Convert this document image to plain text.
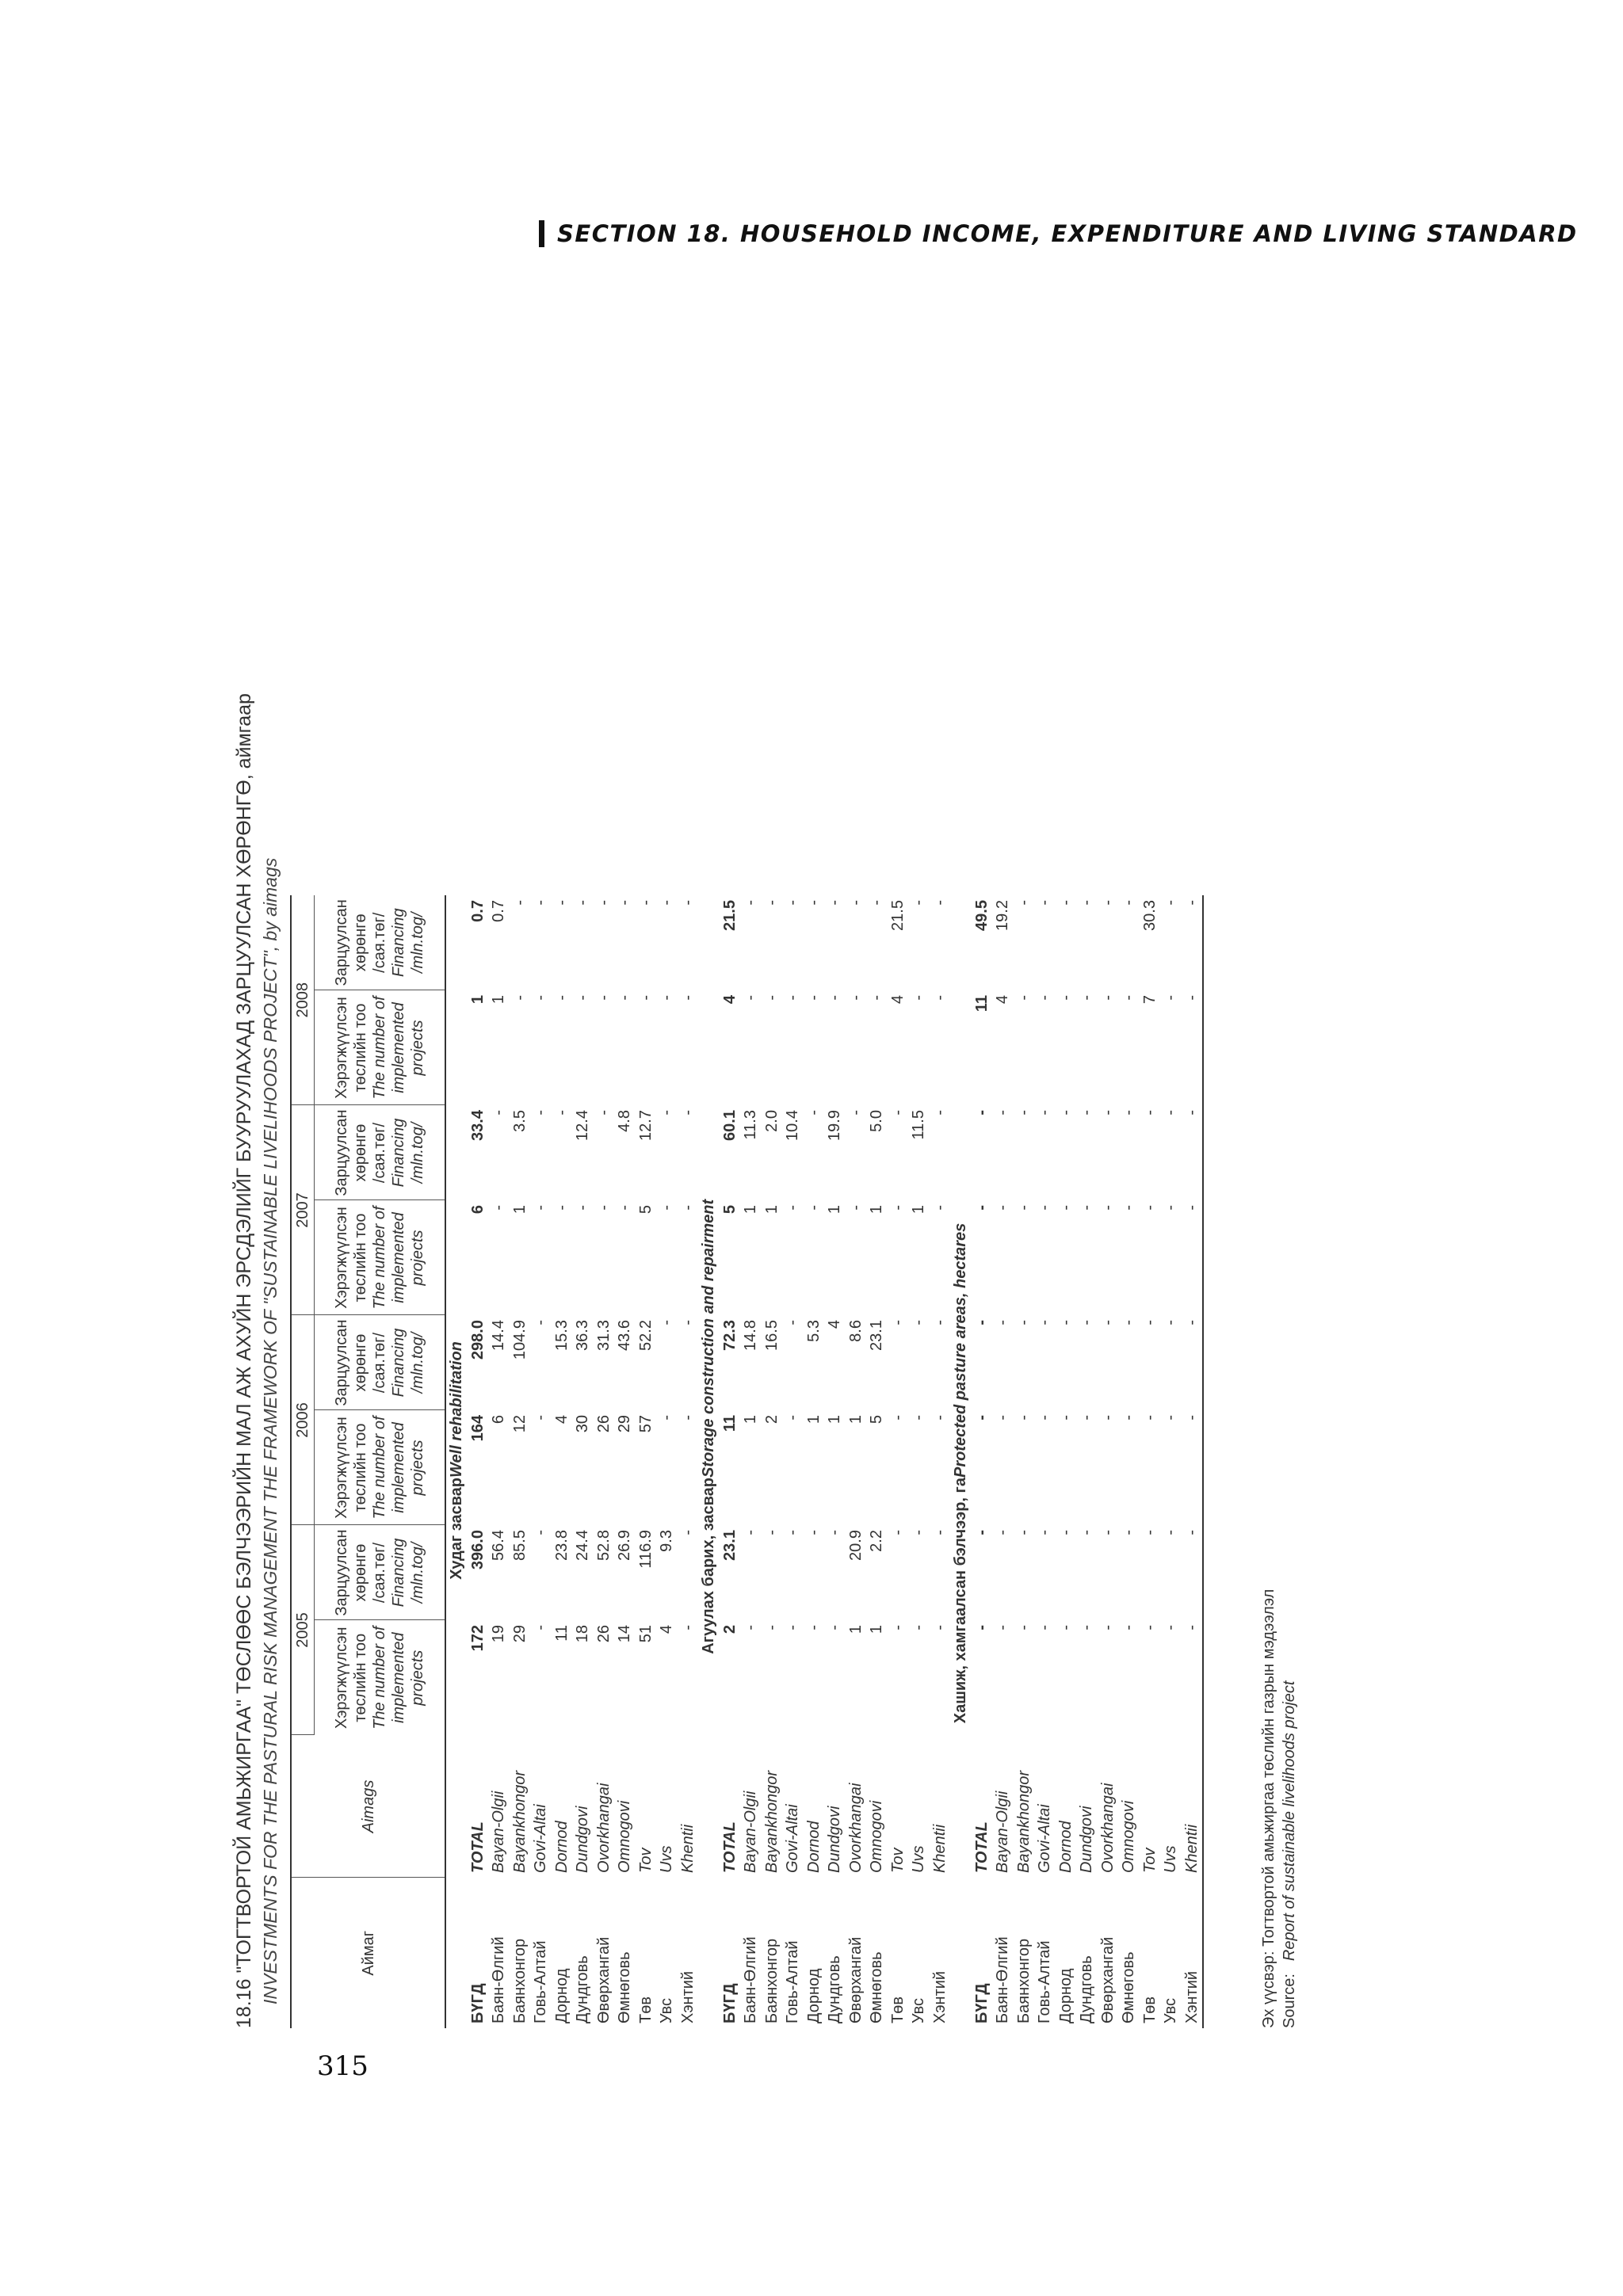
SECTION 18. HOUSEHOLD INCOME, EXPENDITURE AND LIVING STANDARD
315
18.16 "ТОГТВОРТОЙ АМЬЖИРГАА" ТӨСЛӨӨС БЭЛЧЭЭРИЙН МАЛ АЖ АХУЙН ЭРСДЭЛИЙГ БУУРУУЛАХАД ЗАРЦУУЛСАН ХӨРӨНГӨ, аймгаар INVESTMENTS FOR THE PASTURAL RISK MANAGEMENT THE FRAMEWORK OF "SUSTAINABLE LIVELIHOODS PROJECT", by aimags	Аймаг	Aimags	2005		2006		2007		2008	

		Хэрэгжүүлсэн төслийн тоо The number of implemented projects	Зарцуулсан хөрөнгө /сая.төг/ Financing /mln.tog/	Хэрэгжүүлсэн төслийн тоо The number of implemented projects	Зарцуулсан хөрөнгө /сая.төг/ Financing /mln.tog/	Хэрэгжүүлсэн төслийн тоо The number of implemented projects	Зарцуулсан хөрөнгө /сая.төг/ Financing /mln.tog/	Хэрэгжүүлсэн төслийн тоо The number of implemented projects	Зарцуулсан хөрөнгө /сая.төг/ Financing /mln.tog/

Худаг засварWell rehabilitation									
БҮГД	TOTAL	172	396.0	164	298.0	6	33.4	1	0.7
Баян-Өлгий	Bayan-Olgii	19	56.4	6	14.4	-	-	1	0.7
Баянхонгор	Bayankhongor	29	85.5	12	104.9	1	3.5	-	-
Говь-Алтай	Govi-Altai	-	-	-	-	-	-	-	-
Дорнод	Dornod	11	23.8	4	15.3	-	-	-	-
Дундговь	Dundgovi	18	24.4	30	36.3	-	12.4	-	-
Өвөрхангай	Ovorkhangai	26	52.8	26	31.3	-	-	-	-
Өмнөговь	Omnogovi	14	26.9	29	43.6	-	4.8	-	-
Төв	Tov	51	116.9	57	52.2	5	12.7	-	-
Увс	Uvs	4	9.3	-	-	-	-	-	-
Хэнтий	Khentii	-	-	-	-	-	-	-	-
Агуулах барих, засварStorage construction and repairment									
БҮГД	TOTAL	2	23.1	11	72.3	5	60.1	4	21.5
Баян-Өлгий	Bayan-Olgii	-	-	1	14.8	1	11.3	-	-
Баянхонгор	Bayankhongor	-	-	2	16.5	1	2.0	-	-
Говь-Алтай	Govi-Altai	-	-	-	-	-	10.4	-	-
Дорнод	Dornod	-	-	1	5.3	-	-	-	-
Дундговь	Dundgovi	-	-	1	4	1	19.9	-	-
Өвөрхангай	Ovorkhangai	1	20.9	1	8.6	-	-	-	-
Өмнөговь	Omnogovi	1	2.2	5	23.1	1	5.0	-	-
Төв	Tov	-	-	-	-	-	-	4	21.5
Увс	Uvs	-	-	-	-	1	11.5	-	-
Хэнтий	Khentii	-	-	-	-	-	-	-	-
Хашиж, хамгаалсан бэлчээр, гаProtected pasture areas, hectares									
БҮГД	TOTAL	-	-	-	-	-	-	11	49.5
Баян-Өлгий	Bayan-Olgii	-	-	-	-	-	-	4	19.2
Баянхонгор	Bayankhongor	-	-	-	-	-	-	-	-
Говь-Алтай	Govi-Altai	-	-	-	-	-	-	-	-
Дорнод	Dornod	-	-	-	-	-	-	-	-
Дундговь	Dundgovi	-	-	-	-	-	-	-	-
Өвөрхангай	Ovorkhangai	-	-	-	-	-	-	-	-
Өмнөговь	Omnogovi	-	-	-	-	-	-	-	-
Төв	Tov	-	-	-	-	-	-	7	30.3
Увс	Uvs	-	-	-	-	-	-	-	-
Хэнтий	Khentii	-	-	-	-	-	-	-	-
Эх үүсвэр: Тогтвортой амьжиргаа төслийн газрын мэдээлэл Source:Report of sustainable livelihoods project
